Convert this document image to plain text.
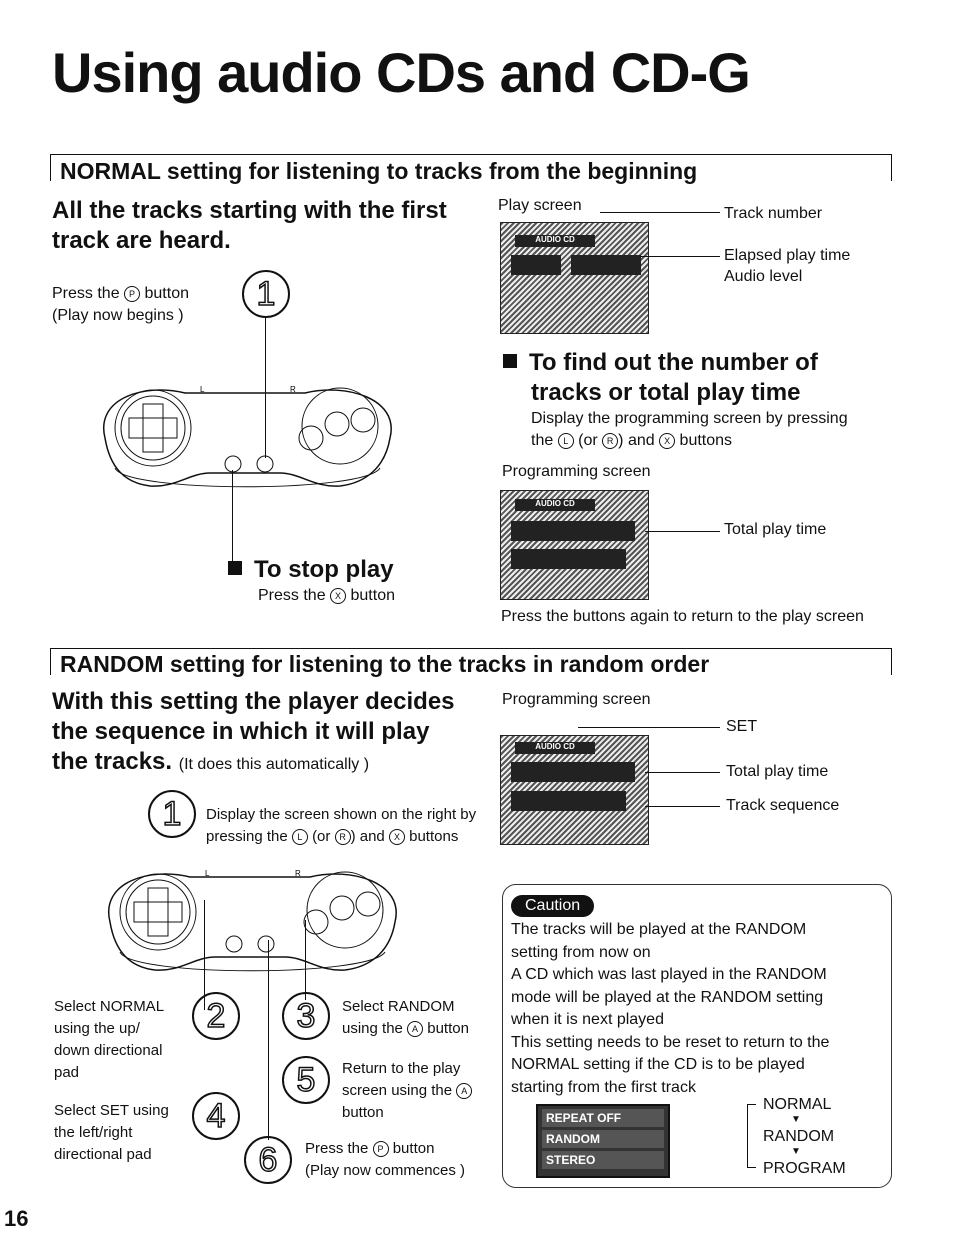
Using audio CDs and CD-G
NORMAL setting for listening to tracks from the beginning
All the tracks starting with the first
track are heard.
Press the P button
(Play now begins )
1
L	R
To stop play
Press the X button
Play screen
AUDIO CD
Track number
Elapsed play time
Audio level
To find out the number of
tracks or total play time
Display the programming screen by pressing
the L (or R ) and X buttons
Programming screen
AUDIO CD
Total play time
Press the buttons again to return to the play screen
RANDOM setting for listening to the tracks in random order
With this setting the player decides
the sequence in which it will play
the tracks. (It does this automatically )
Programming screen
AUDIO CD
SET
Total play time
Track sequence
1	Display the screen shown on the right by
pressing the L (or R ) and X buttons
L	R
Select NORMAL
using the up/
down directional
pad
2	3	Select RANDOM
using the A button
5	Return to the play
screen using the A
button
Select SET using
the left/right
directional pad
4
6	Press the P button
(Play now commences )
Caution
The tracks will be played at the RANDOM
setting from now on
A CD which was last played in the RANDOM
mode will be played at the RANDOM setting
when it is next played
This setting needs to be reset to return to the
NORMAL setting if the CD is to be played
starting from the first track
REPEAT OFF
RANDOM
STEREO
NORMAL
▼
RANDOM
▼
PROGRAM
16
